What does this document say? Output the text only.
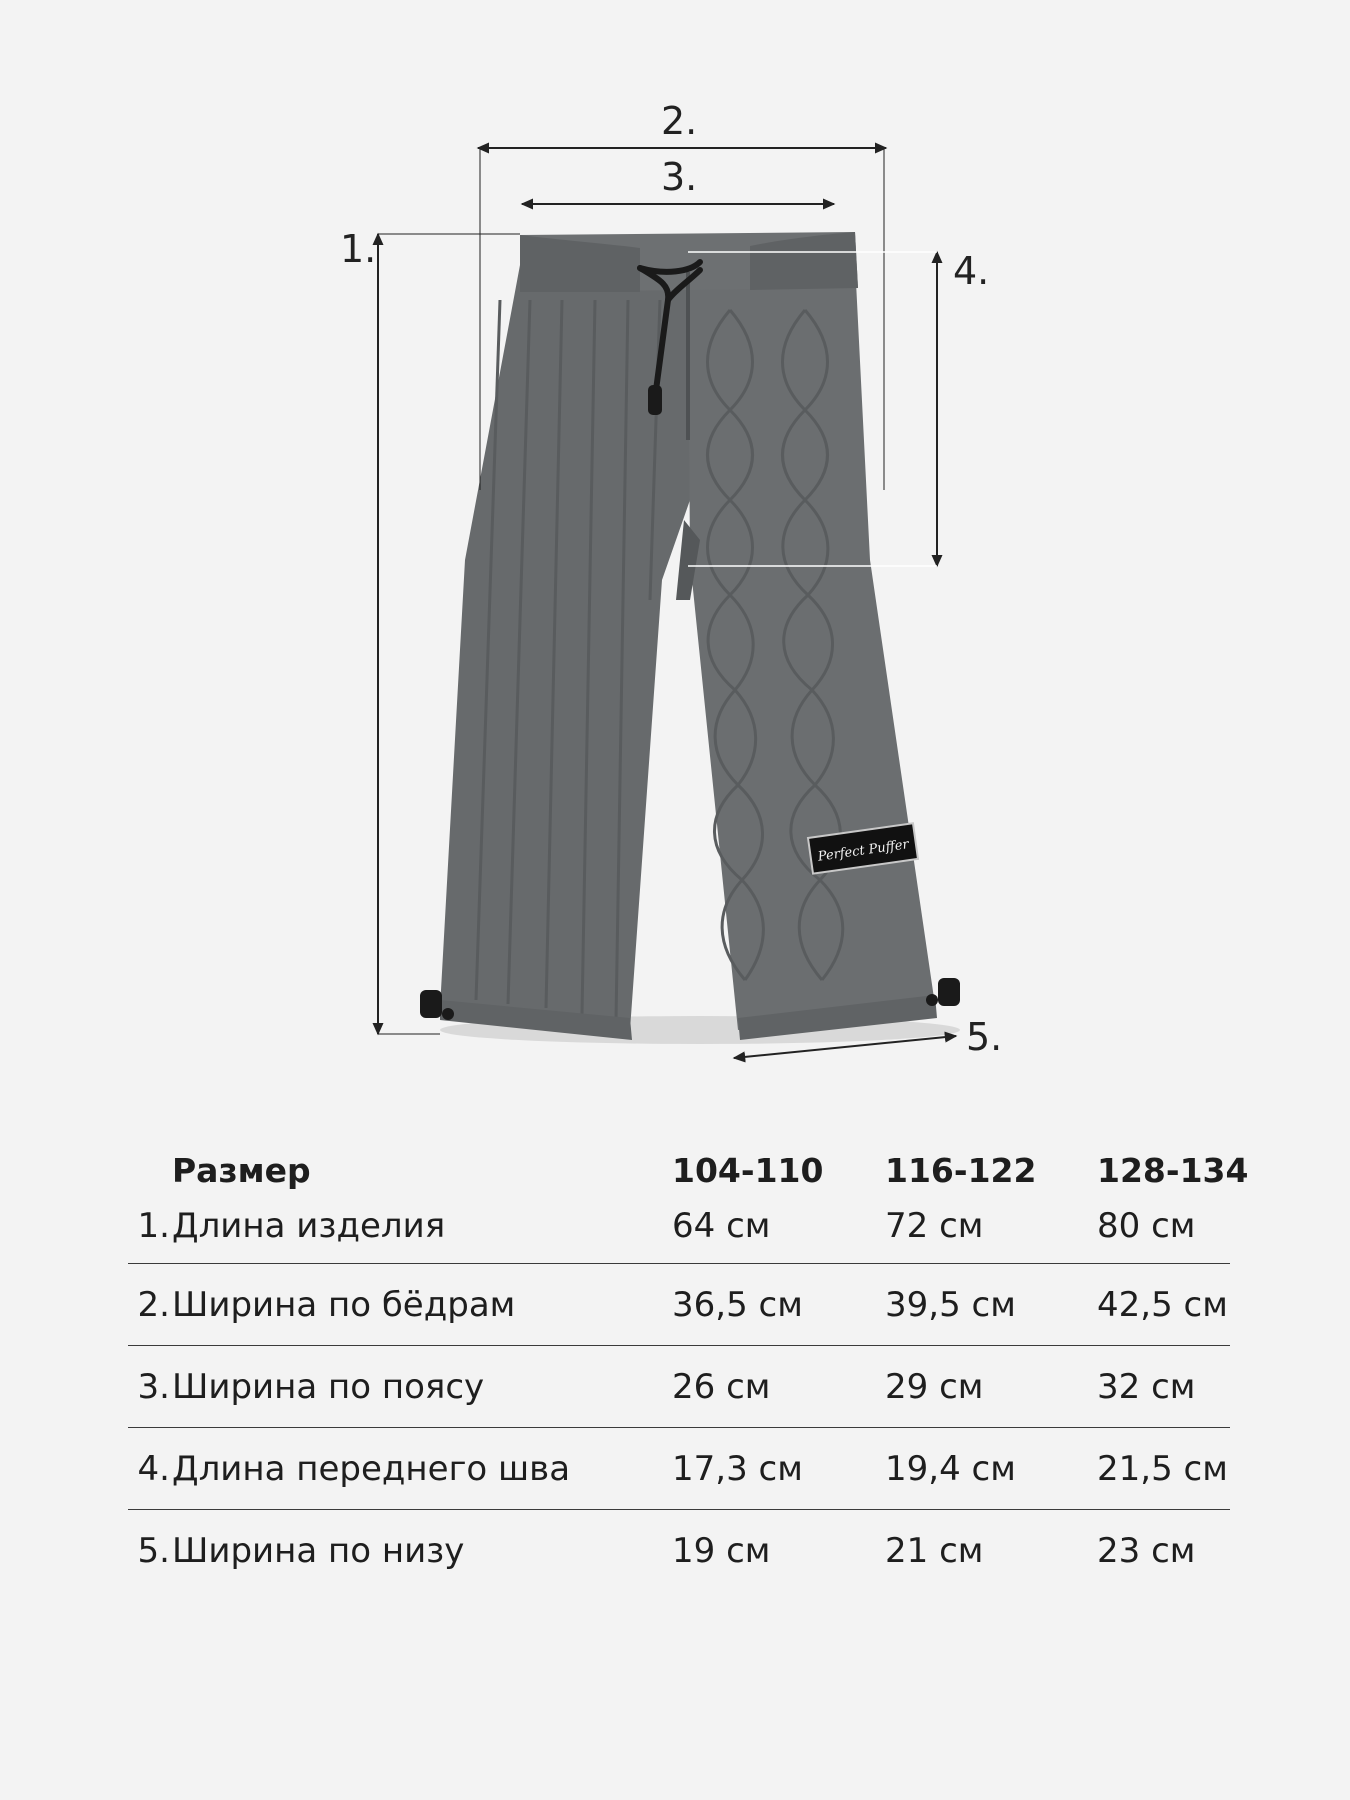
Perfect Puffer
1.
2.
3.
4.
5.
Размер	104-110 116-122 128-134
1. Длина изделия	64 см	72 см	80 см
2. Ширина по бёдрам	36,5 см 39,5 см 42,5 см
3. Ширина по поясу	26 см	29 см	32 см
4. Длина переднего шва	17,3 см 19,4 см 21,5 см
5. Ширина по низу	19 см	21 см	23 см
